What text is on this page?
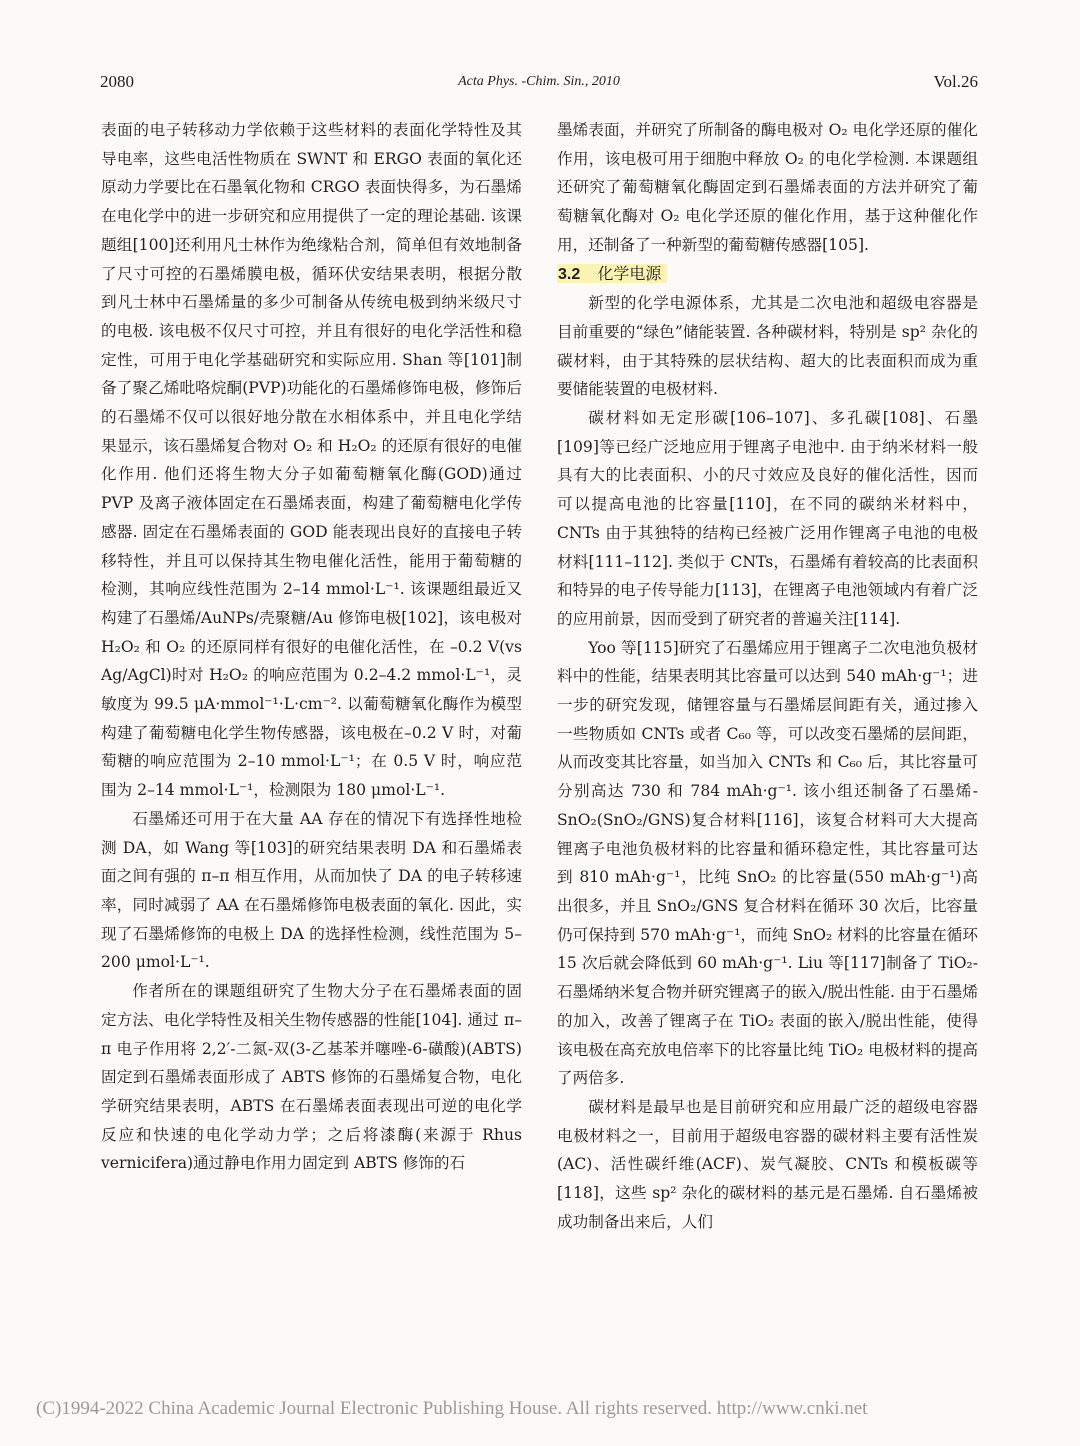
2080	Acta Phys. -Chim. Sin., 2010	Vol.26

表面的电子转移动力学依赖于这些材料的表面化学特性及其导电率，这些电活性物质在 SWNT 和 ERGO 表面的氧化还原动力学要比在石墨氧化物和 CRGO 表面快得多，为石墨烯在电化学中的进一步研究和应用提供了一定的理论基础. 该课题组[100]还利用凡士林作为绝缘粘合剂，简单但有效地制备了尺寸可控的石墨烯膜电极，循环伏安结果表明，根据分散到凡士林中石墨烯量的多少可制备从传统电极到纳米级尺寸的电极. 该电极不仅尺寸可控，并且有很好的电化学活性和稳定性，可用于电化学基础研究和实际应用. Shan 等[101]制备了聚乙烯吡咯烷酮(PVP)功能化的石墨烯修饰电极，修饰后的石墨烯不仅可以很好地分散在水相体系中，并且电化学结果显示，该石墨烯复合物对 O₂ 和 H₂O₂ 的还原有很好的电催化作用. 他们还将生物大分子如葡萄糖氧化酶(GOD)通过 PVP 及离子液体固定在石墨烯表面，构建了葡萄糖电化学传感器. 固定在石墨烯表面的 GOD 能表现出良好的直接电子转移特性，并且可以保持其生物电催化活性，能用于葡萄糖的检测，其响应线性范围为 2–14 mmol·L⁻¹. 该课题组最近又构建了石墨烯/AuNPs/壳聚糖/Au 修饰电极[102]，该电极对 H₂O₂ 和 O₂ 的还原同样有很好的电催化活性，在 –0.2 V(vs Ag/AgCl)时对 H₂O₂ 的响应范围为 0.2–4.2 mmol·L⁻¹，灵敏度为 99.5 μA·mmol⁻¹·L·cm⁻². 以葡萄糖氧化酶作为模型构建了葡萄糖电化学生物传感器，该电极在–0.2 V 时，对葡萄糖的响应范围为 2–10 mmol·L⁻¹；在 0.5 V 时，响应范围为 2–14 mmol·L⁻¹，检测限为 180 μmol·L⁻¹.

石墨烯还可用于在大量 AA 存在的情况下有选择性地检测 DA，如 Wang 等[103]的研究结果表明 DA 和石墨烯表面之间有强的 π–π 相互作用，从而加快了 DA 的电子转移速率，同时减弱了 AA 在石墨烯修饰电极表面的氧化. 因此，实现了石墨烯修饰的电极上 DA 的选择性检测，线性范围为 5–200 μmol·L⁻¹.

作者所在的课题组研究了生物大分子在石墨烯表面的固定方法、电化学特性及相关生物传感器的性能[104]. 通过 π–π 电子作用将 2,2′-二氮-双(3-乙基苯并噻唑-6-磺酸)(ABTS)固定到石墨烯表面形成了 ABTS 修饰的石墨烯复合物，电化学研究结果表明，ABTS 在石墨烯表面表现出可逆的电化学反应和快速的电化学动力学；之后将漆酶(来源于 Rhus vernicifera)通过静电作用力固定到 ABTS 修饰的石

墨烯表面，并研究了所制备的酶电极对 O₂ 电化学还原的催化作用，该电极可用于细胞中释放 O₂ 的电化学检测. 本课题组还研究了葡萄糖氧化酶固定到石墨烯表面的方法并研究了葡萄糖氧化酶对 O₂ 电化学还原的催化作用，基于这种催化作用，还制备了一种新型的葡萄糖传感器[105].

3.2 化学电源

新型的化学电源体系，尤其是二次电池和超级电容器是目前重要的“绿色”储能装置. 各种碳材料，特别是 sp² 杂化的碳材料，由于其特殊的层状结构、超大的比表面积而成为重要储能装置的电极材料.

碳材料如无定形碳[106–107]、多孔碳[108]、石墨[109]等已经广泛地应用于锂离子电池中. 由于纳米材料一般具有大的比表面积、小的尺寸效应及良好的催化活性，因而可以提高电池的比容量[110]，在不同的碳纳米材料中，CNTs 由于其独特的结构已经被广泛用作锂离子电池的电极材料[111–112]. 类似于 CNTs，石墨烯有着较高的比表面积和特异的电子传导能力[113]，在锂离子电池领域内有着广泛的应用前景，因而受到了研究者的普遍关注[114].

Yoo 等[115]研究了石墨烯应用于锂离子二次电池负极材料中的性能，结果表明其比容量可以达到 540 mAh·g⁻¹；进一步的研究发现，储锂容量与石墨烯层间距有关，通过掺入一些物质如 CNTs 或者 C₆₀ 等，可以改变石墨烯的层间距，从而改变其比容量，如当加入 CNTs 和 C₆₀ 后，其比容量可分别高达 730 和 784 mAh·g⁻¹. 该小组还制备了石墨烯-SnO₂(SnO₂/GNS)复合材料[116]，该复合材料可大大提高锂离子电池负极材料的比容量和循环稳定性，其比容量可达到 810 mAh·g⁻¹，比纯 SnO₂ 的比容量(550 mAh·g⁻¹)高出很多，并且 SnO₂/GNS 复合材料在循环 30 次后，比容量仍可保持到 570 mAh·g⁻¹，而纯 SnO₂ 材料的比容量在循环 15 次后就会降低到 60 mAh·g⁻¹. Liu 等[117]制备了 TiO₂-石墨烯纳米复合物并研究锂离子的嵌入/脱出性能. 由于石墨烯的加入，改善了锂离子在 TiO₂ 表面的嵌入/脱出性能，使得该电极在高充放电倍率下的比容量比纯 TiO₂ 电极材料的提高了两倍多.

碳材料是最早也是目前研究和应用最广泛的超级电容器电极材料之一，目前用于超级电容器的碳材料主要有活性炭(AC)、活性碳纤维(ACF)、炭气凝胶、CNTs 和模板碳等[118]，这些 sp² 杂化的碳材料的基元是石墨烯. 自石墨烯被成功制备出来后，人们

(C)1994-2022 China Academic Journal Electronic Publishing House. All rights reserved. http://www.cnki.net
